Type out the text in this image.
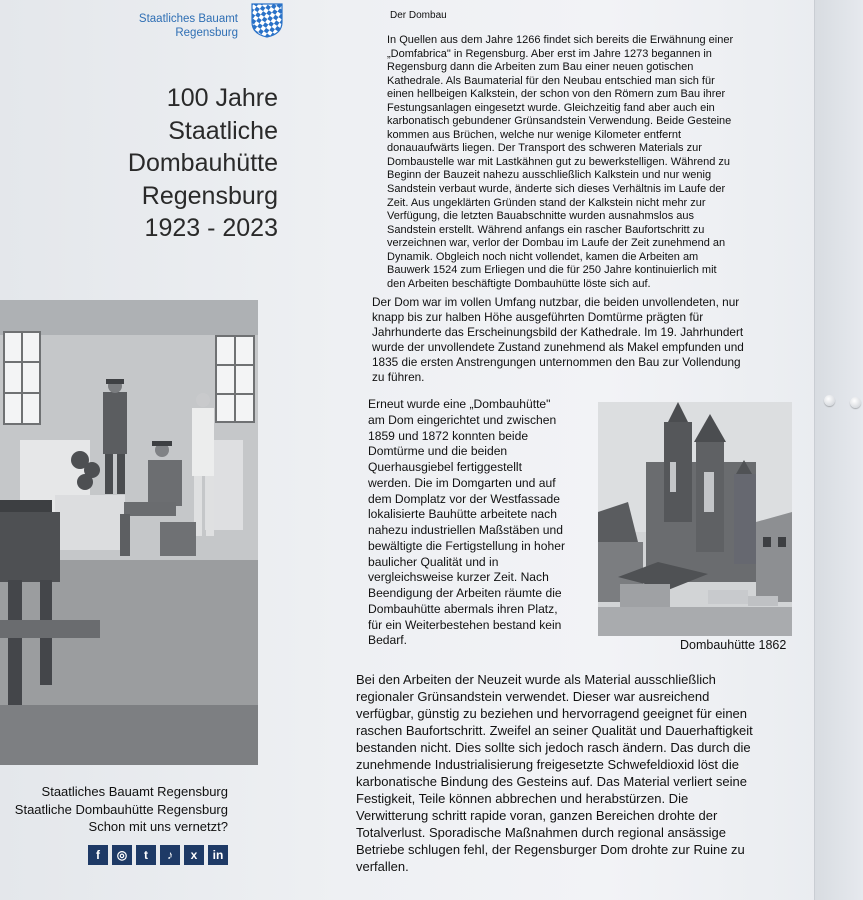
Der Dombau
Staatliches Bauamt
Regensburg
100 Jahre
Staatliche
Dombauhütte
Regensburg
1923 - 2023
Staatliches Bauamt Regensburg
Staatliche Dombauhütte Regensburg
Schon mit uns vernetzt?
f	◎	t	♪	x	in
In Quellen aus dem Jahre 1266 findet sich bereits die Erwähnung einer
„Domfabrica" in Regensburg. Aber erst im Jahre 1273 begannen in
Regensburg dann die Arbeiten zum Bau einer neuen gotischen
Kathedrale. Als Baumaterial für den Neubau entschied man sich für
einen hellbeigen Kalkstein, der schon von den Römern zum Bau ihrer
Festungsanlagen eingesetzt wurde. Gleichzeitig fand aber auch ein
karbonatisch gebundener Grünsandstein Verwendung. Beide Gesteine
kommen aus Brüchen, welche nur wenige Kilometer entfernt
donauaufwärts liegen. Der Transport des schweren Materials zur
Dombaustelle war mit Lastkähnen gut zu bewerkstelligen. Während zu
Beginn der Bauzeit nahezu ausschließlich Kalkstein und nur wenig
Sandstein verbaut wurde, änderte sich dieses Verhältnis im Laufe der
Zeit. Aus ungeklärten Gründen stand der Kalkstein nicht mehr zur
Verfügung, die letzten Bauabschnitte wurden ausnahmslos aus
Sandstein erstellt. Während anfangs ein rascher Baufortschritt zu
verzeichnen war, verlor der Dombau im Laufe der Zeit zunehmend an
Dynamik. Obgleich noch nicht vollendet, kamen die Arbeiten am
Bauwerk 1524 zum Erliegen und die für 250 Jahre kontinuierlich mit
den Arbeiten beschäftigte Dombauhütte löste sich auf.
Der Dom war im vollen Umfang nutzbar, die beiden unvollendeten, nur
knapp bis zur halben Höhe ausgeführten Domtürme prägten für
Jahrhunderte das Erscheinungsbild der Kathedrale. Im 19. Jahrhundert
wurde der unvollendete Zustand zunehmend als Makel empfunden und
1835 die ersten Anstrengungen unternommen den Bau zur Vollendung
zu führen.
Erneut wurde eine „Dombauhütte"
am Dom eingerichtet und zwischen
1859 und 1872 konnten beide
Domtürme und die beiden
Querhausgiebel fertiggestellt
werden. Die im Domgarten und auf
dem Domplatz vor der Westfassade
lokalisierte Bauhütte arbeitete nach
nahezu industriellen Maßstäben und
bewältigte die Fertigstellung in hoher
baulicher Qualität und in
vergleichsweise kurzer Zeit. Nach
Beendigung der Arbeiten räumte die
Dombauhütte abermals ihren Platz,
für ein Weiterbestehen bestand kein
Bedarf.	Dombauhütte 1862
Bei den Arbeiten der Neuzeit wurde als Material ausschließlich
regionaler Grünsandstein verwendet. Dieser war ausreichend
verfügbar, günstig zu beziehen und hervorragend geeignet für einen
raschen Baufortschritt. Zweifel an seiner Qualität und Dauerhaftigkeit
bestanden nicht. Dies sollte sich jedoch rasch ändern. Das durch die
zunehmende Industrialisierung freigesetzte Schwefeldioxid löst die
karbonatische Bindung des Gesteins auf. Das Material verliert seine
Festigkeit, Teile können abbrechen und herabstürzen. Die
Verwitterung schritt rapide voran, ganzen Bereichen drohte der
Totalverlust. Sporadische Maßnahmen durch regional ansässige
Betriebe schlugen fehl, der Regensburger Dom drohte zur Ruine zu
verfallen.
